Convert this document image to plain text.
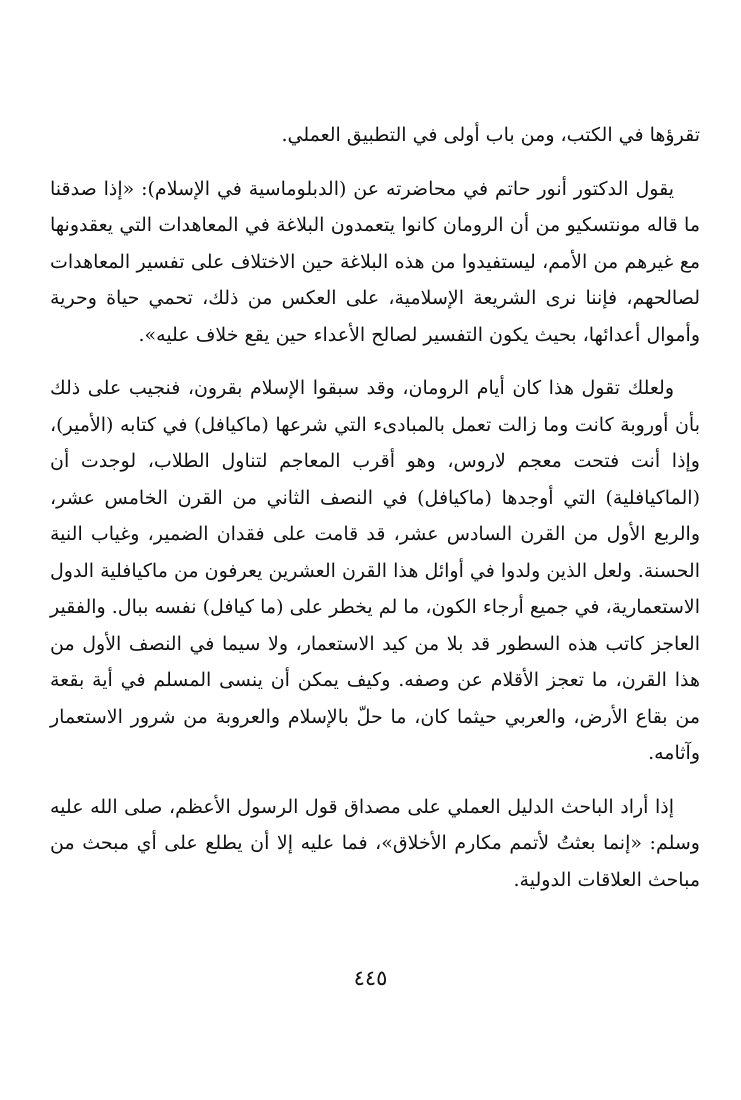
تقرؤها في الكتب، ومن باب أولى في التطبيق العملي.

يقول الدكتور أنور حاتم في محاضرته عن (الدبلوماسية في الإسلام): «إذا صدقنا ما قاله مونتسكيو من أن الرومان كانوا يتعمدون البلاغة في المعاهدات التي يعقدونها مع غيرهم من الأمم، ليستفيدوا من هذه البلاغة حين الاختلاف على تفسير المعاهدات لصالحهم، فإننا نرى الشريعة الإسلامية، على العكس من ذلك، تحمي حياة وحرية وأموال أعدائها، بحيث يكون التفسير لصالح الأعداء حين يقع خلاف عليه».

ولعلك تقول هذا كان أيام الرومان، وقد سبقوا الإسلام بقرون، فنجيب على ذلك بأن أوروبة كانت وما زالت تعمل بالمبادىء التي شرعها (ماكيافل) في كتابه (الأمير)، وإذا أنت فتحت معجم لاروس، وهو أقرب المعاجم لتناول الطلاب، لوجدت أن (الماكيافلية) التي أوجدها (ماكيافل) في النصف الثاني من القرن الخامس عشر، والربع الأول من القرن السادس عشر، قد قامت على فقدان الضمير، وغياب النية الحسنة. ولعل الذين ولدوا في أوائل هذا القرن العشرين يعرفون من ماكيافلية الدول الاستعمارية، في جميع أرجاء الكون، ما لم يخطر على (ما كيافل) نفسه ببال. والفقير العاجز كاتب هذه السطور قد بلا من كيد الاستعمار، ولا سيما في النصف الأول من هذا القرن، ما تعجز الأقلام عن وصفه. وكيف يمكن أن ينسى المسلم في أية بقعة من بقاع الأرض، والعربي حيثما كان، ما حلّ بالإسلام والعروبة من شرور الاستعمار وآثامه.

إذا أراد الباحث الدليل العملي على مصداق قول الرسول الأعظم، صلى الله عليه وسلم: «إنما بعثتُ لأتمم مكارم الأخلاق»، فما عليه إلا أن يطلع على أي مبحث من مباحث العلاقات الدولية.

٤٤٥
